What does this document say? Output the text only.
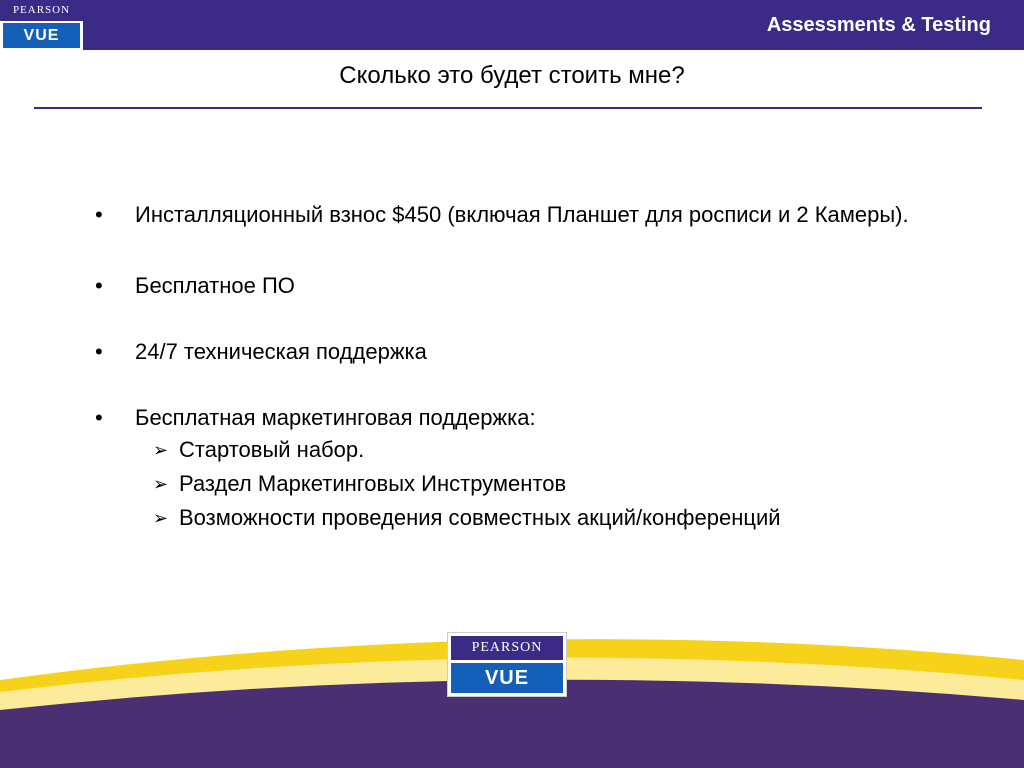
PEARSON
VUE	Assessments & Testing
Сколько это будет стоить мне?
• Инсталляционный взнос $450 (включая Планшет для росписи и 2 Камеры).
• Бесплатное ПО
• 24/7 техническая поддержка
• Бесплатная маркетинговая поддержка:
➢ Стартовый набор.
➢ Раздел Маркетинговых Инструментов
➢ Возможности проведения совместных акций/конференций
PEARSON
VUE
